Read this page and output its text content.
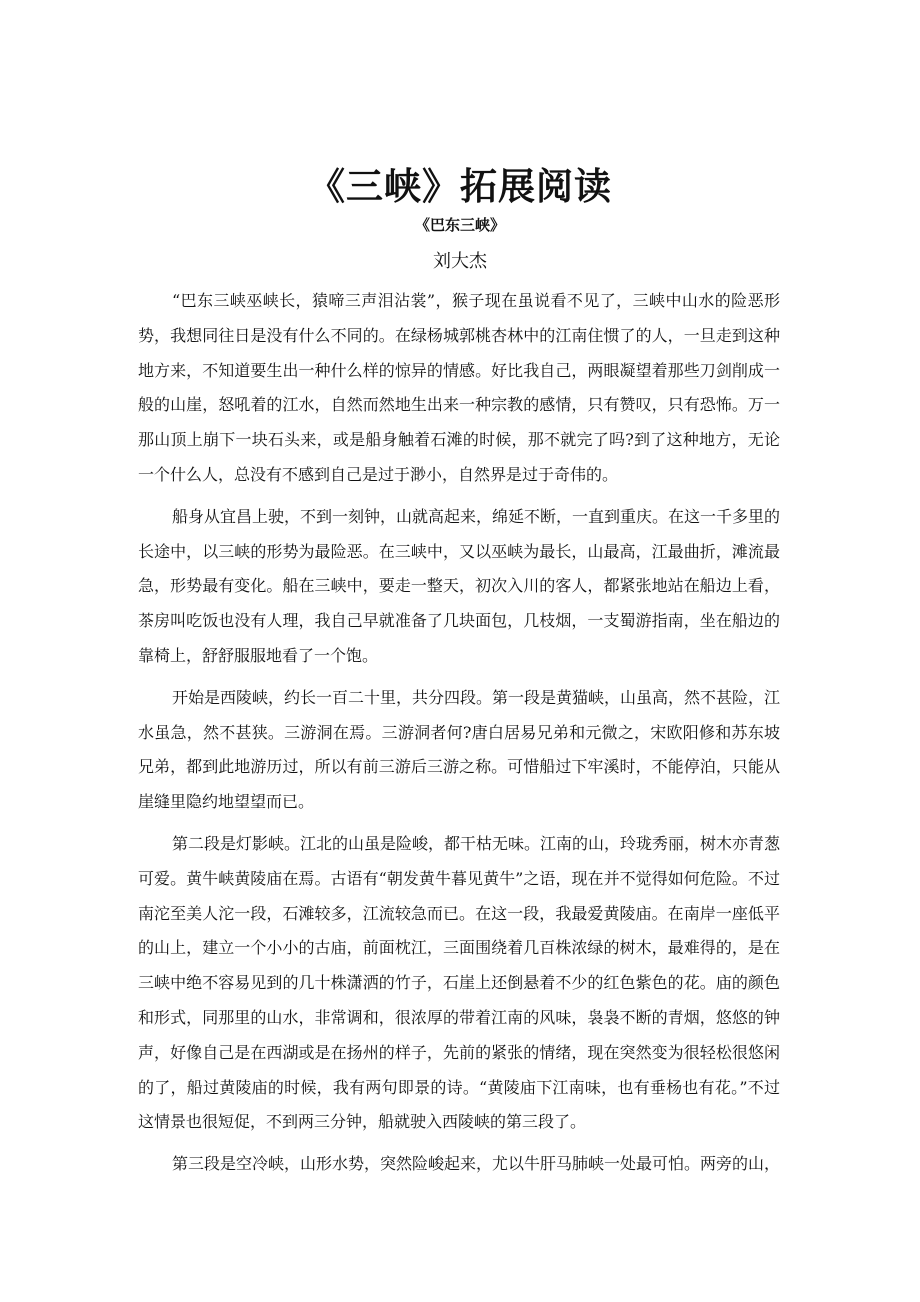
《三峡》拓展阅读
《巴东三峡》
刘大杰

“巴东三峡巫峡长，猿啼三声泪沾裳”，猴子现在虽说看不见了，三峡中山水的险恶形势，我想同往日是没有什么不同的。在绿杨城郭桃杏林中的江南住惯了的人，一旦走到这种地方来，不知道要生出一种什么样的惊异的情感。好比我自己，两眼凝望着那些刀剑削成一般的山崖，怒吼着的江水，自然而然地生出来一种宗教的感情，只有赞叹，只有恐怖。万一那山顶上崩下一块石头来，或是船身触着石滩的时候，那不就完了吗?到了这种地方，无论一个什么人，总没有不感到自己是过于渺小，自然界是过于奇伟的。

船身从宜昌上驶，不到一刻钟，山就高起来，绵延不断，一直到重庆。在这一千多里的长途中，以三峡的形势为最险恶。在三峡中，又以巫峡为最长，山最高，江最曲折，滩流最急，形势最有变化。船在三峡中，要走一整天，初次入川的客人，都紧张地站在船边上看，茶房叫吃饭也没有人理，我自己早就准备了几块面包，几枝烟，一支蜀游指南，坐在船边的靠椅上，舒舒服服地看了一个饱。

开始是西陵峡，约长一百二十里，共分四段。第一段是黄猫峡，山虽高，然不甚险，江水虽急，然不甚狭。三游洞在焉。三游洞者何?唐白居易兄弟和元微之，宋欧阳修和苏东坡兄弟，都到此地游历过，所以有前三游后三游之称。可惜船过下牢溪时，不能停泊，只能从崖缝里隐约地望望而已。

第二段是灯影峡。江北的山虽是险峻，都干枯无味。江南的山，玲珑秀丽，树木亦青葱可爱。黄牛峡黄陵庙在焉。古语有“朝发黄牛暮见黄牛”之语，现在并不觉得如何危险。不过南沱至美人沱一段，石滩较多，江流较急而已。在这一段，我最爱黄陵庙。在南岸一座低平的山上，建立一个小小的古庙，前面枕江，三面围绕着几百株浓绿的树木，最难得的，是在三峡中绝不容易见到的几十株潇洒的竹子，石崖上还倒悬着不少的红色紫色的花。庙的颜色和形式，同那里的山水，非常调和，很浓厚的带着江南的风味，袅袅不断的青烟，悠悠的钟声，好像自己是在西湖或是在扬州的样子，先前的紧张的情绪，现在突然变为很轻松很悠闲的了，船过黄陵庙的时候，我有两句即景的诗。“黄陵庙下江南味，也有垂杨也有花。”不过这情景也很短促，不到两三分钟，船就驶入西陵峡的第三段了。

第三段是空冷峡，山形水势，突然险峻起来，尤以牛肝马肺峡一处最可怕。两旁的山，
